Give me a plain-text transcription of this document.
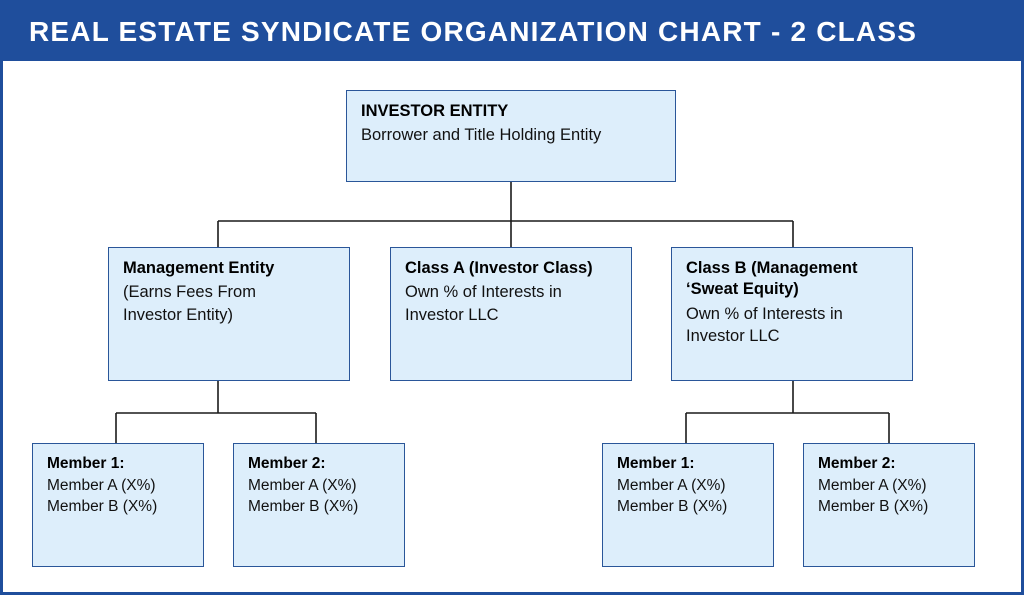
REAL ESTATE SYNDICATE ORGANIZATION CHART - 2 CLASS
INVESTOR ENTITY
Borrower and Title Holding Entity
Management Entity
(Earns Fees From
Investor Entity)
Class A (Investor Class)
Own % of Interests in
Investor LLC
Class B (Management ‘Sweat Equity)
Own % of Interests in
Investor LLC
Member 1:
Member A (X%)
Member B (X%)
Member 2:
Member A (X%)
Member B (X%)
Member 1:
Member A (X%)
Member B (X%)
Member 2:
Member A (X%)
Member B (X%)
